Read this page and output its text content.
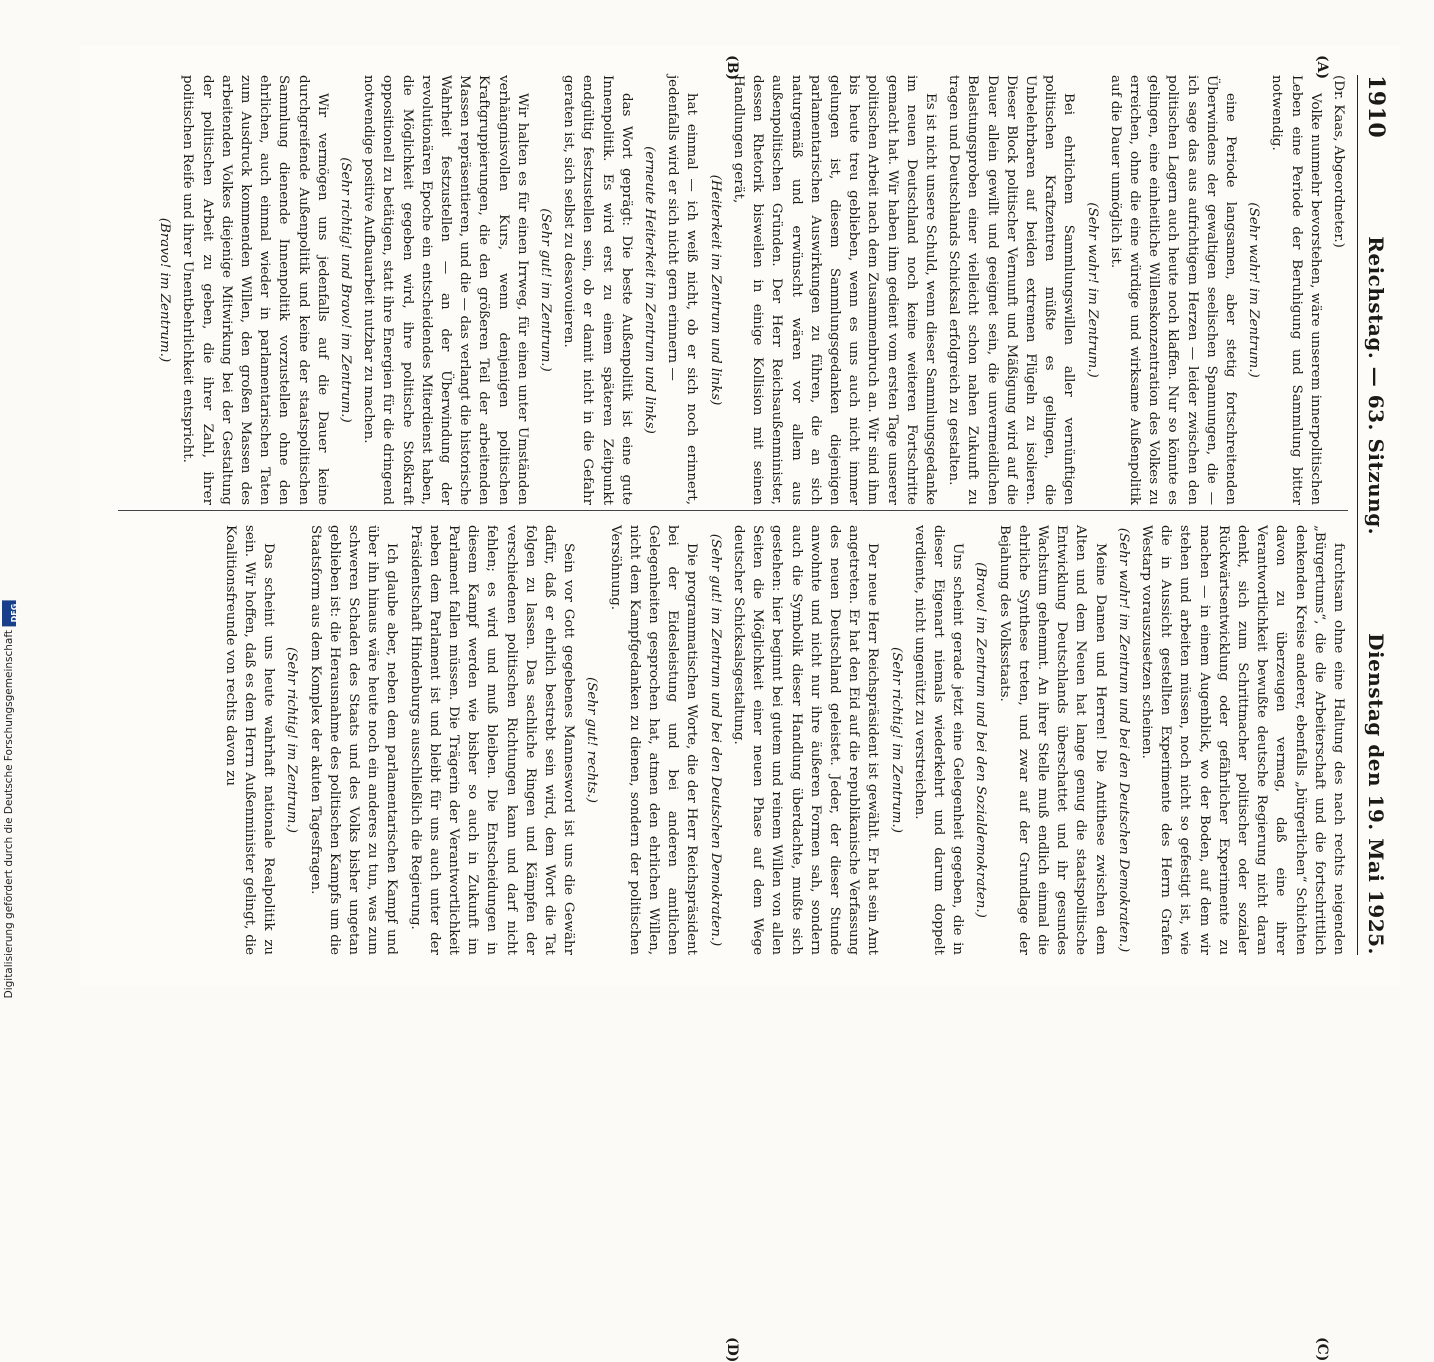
1910
Reichstag. — 63. Sitzung.
Dienstag den 19. Mai 1925.
(A)
(B)
(C)
(D)

(Dr. Kaas, Abgeordneter.)

Volke nunmehr bevorstehen, wäre unserem innerpolitischen Leben eine Periode der Beruhigung und Sammlung bitter notwendig.

(Sehr wahr! im Zentrum.)

eine Periode langsamen, aber stetig fortschreitenden Überwindens der gewaltigen seelischen Spannungen, die — ich sage das aus aufrichtigem Herzen — leider zwischen den politischen Lagern auch heute noch klaffen. Nur so könnte es gelingen, eine einheitliche Willenskonzentration des Volkes zu erreichen, ohne die eine würdige und wirksame Außenpolitik auf die Dauer unmöglich ist.

(Sehr wahr! im Zentrum.)

Bei ehrlichem Sammlungswillen aller vernünftigen politischen Kraftzentren müßte es gelingen, die Unbelehrbaren auf beiden extremen Flügeln zu isolieren. Dieser Block politischer Vernunft und Mäßigung wird auf die Dauer allein gewillt und geeignet sein, die unvermeidlichen Belastungsproben einer vielleicht schon nahen Zukunft zu tragen und Deutschlands Schicksal erfolgreich zu gestalten.

Es ist nicht unsere Schuld, wenn dieser Sammlungsgedanke im neuen Deutschland noch keine weiteren Fortschritte gemacht hat. Wir haben ihm gedient vom ersten Tage unserer politischen Arbeit nach dem Zusammenbruch an. Wir sind ihm bis heute treu geblieben, wenn es uns auch nicht immer gelungen ist, diesem Sammlungsgedanken diejenigen parlamentarischen Auswirkungen zu führen, die an sich naturgemäß und erwünscht wären vor allem aus außenpolitischen Gründen. Der Herr Reichsaußenminister, dessen Rhetorik bisweilen in einige Kollision mit seinen Handlungen gerät,

(Heiterkeit im Zentrum und links)

hat einmal — ich weiß nicht, ob er sich noch erinnert, jedenfalls wird er sich nicht gern erinnern —

(erneute Heiterkeit im Zentrum und links)

das Wort geprägt: Die beste Außenpolitik ist eine gute Innenpolitik. Es wird erst zu einem späteren Zeitpunkt endgültig festzustellen sein, ob er damit nicht in die Gefahr geraten ist, sich selbst zu desavouieren.

(Sehr gut! im Zentrum.)

Wir halten es für einen Irrweg, für einen unter Umständen verhängnisvollen Kurs, wenn denjenigen politischen Kraftgruppierungen, die den größeren Teil der arbeitenden Massen repräsentieren, und die — das verlangt die historische Wahrheit festzustellen — an der Überwindung der revolutionären Epoche ein entscheidendes Miterdienst haben, die Möglichkeit gegeben wird, ihre politische Stoßkraft oppositionell zu betätigen, statt ihre Energien für die dringend notwendige positive Aufbauarbeit nutzbar zu machen.

(Sehr richtig! und Bravo! im Zentrum.)

Wir vermögen uns jedenfalls auf die Dauer keine durchgreifende Außenpolitik und keine der staatspolitischen Sammlung dienende Innenpolitik vorzustellen ohne den ehrlichen, auch einmal wieder in parlamentarischen Taten zum Ausdruck kommenden Willen, den großen Massen des arbeitenden Volkes diejenige Mitwirkung bei der Gestaltung der politischen Arbeit zu geben, die ihrer Zahl, ihrer politischen Reife und ihrer Unentbehrlichkeit entspricht.

(Bravo! im Zentrum.)

furchtsam ohne eine Haltung des nach rechts neigenden „Bürgertums“, die die Arbeiterschaft und die fortschrittlich denkenden Kreise anderer, ebenfalls „bürgerlichen“ Schichten davon zu überzeugen vermag, daß eine ihrer Verantwortlichkeit bewußte deutsche Regierung nicht daran denkt, sich zum Schrittmacher politischer oder sozialer Rückwärtsentwicklung oder gefährlicher Experimente zu machen — in einem Augenblick, wo der Boden, auf dem wir stehen und arbeiten müssen, noch nicht so gefestigt ist, wie die in Aussicht gestellten Experimente des Herrn Grafen Westarp vorauszusetzen scheinen.

(Sehr wahr! im Zentrum und bei den Deutschen Demokraten.)

Meine Damen und Herren! Die Antithese zwischen dem Alten und dem Neuen hat lange genug die staatspolitische Entwicklung Deutschlands überschattet und ihr gesundes Wachstum gehemmt. An ihrer Stelle muß endlich einmal die ehrliche Synthese treten, und zwar auf der Grundlage der Bejahung des Volksstaats.

(Bravo! im Zentrum und bei den Sozialdemokraten.)

Uns scheint gerade jetzt eine Gelegenheit gegeben, die in dieser Eigenart niemals wiederkehrt und darum doppelt verdiente, nicht ungenützt zu verstreichen.

(Sehr richtig! im Zentrum.)

Der neue Herr Reichspräsident ist gewählt. Er hat sein Amt angetreten. Er hat den Eid auf die republikanische Verfassung des neuen Deutschland geleistet. Jeder, der dieser Stunde anwohnte und nicht nur ihre äußeren Formen sah, sondern auch die Symbolik dieser Handlung überdachte, mußte sich gestehen: hier beginnt bei gutem und reinem Willen von allen Seiten die Möglichkeit einer neuen Phase auf dem Wege deutscher Schicksalsgestaltung.

(Sehr gut! im Zentrum und bei den Deutschen Demokraten.)

Die programmatischen Worte, die der Herr Reichspräsident bei der Eidesleistung und bei anderen amtlichen Gelegenheiten gesprochen hat, atmen den ehrlichen Willen, nicht dem Kampfgedanken zu dienen, sondern der politischen Versöhnung.

(Sehr gut! rechts.)

Sein vor Gott gegebenes Mannesword ist uns die Gewähr dafür, daß er ehrlich bestrebt sein wird, dem Wort die Tat folgen zu lassen. Das sachliche Ringen und Kämpfen der verschiedenen politischen Richtungen kann und darf nicht fehlen; es wird und muß bleiben. Die Entscheidungen in diesem Kampf werden wie bisher so auch in Zukunft im Parlament fallen müssen. Die Trägerin der Verantwortlichkeit neben dem Parlament ist und bleibt für uns auch unter der Präsidentschaft Hindenburgs ausschließlich die Regierung.

Ich glaube aber, neben dem parlamentarischen Kampf und über ihn hinaus wäre heute noch ein anderes zu tun, was zum schweren Schaden des Staats und des Volks bisher ungetan geblieben ist: die Herausnahme des politischen Kampfs um die Staatsform aus dem Komplex der akuten Tagesfragen.

(Sehr richtig! im Zentrum.)

Das scheint uns heute wahrhaft nationale Realpolitik zu sein. Wir hoffen, daß es dem Herrn Außenminister gelingt, die Koalitionsfreunde von rechts davon zu

Digitalisierung gefördert durch die Deutsche Forschungsgemeinschaft
DFG
